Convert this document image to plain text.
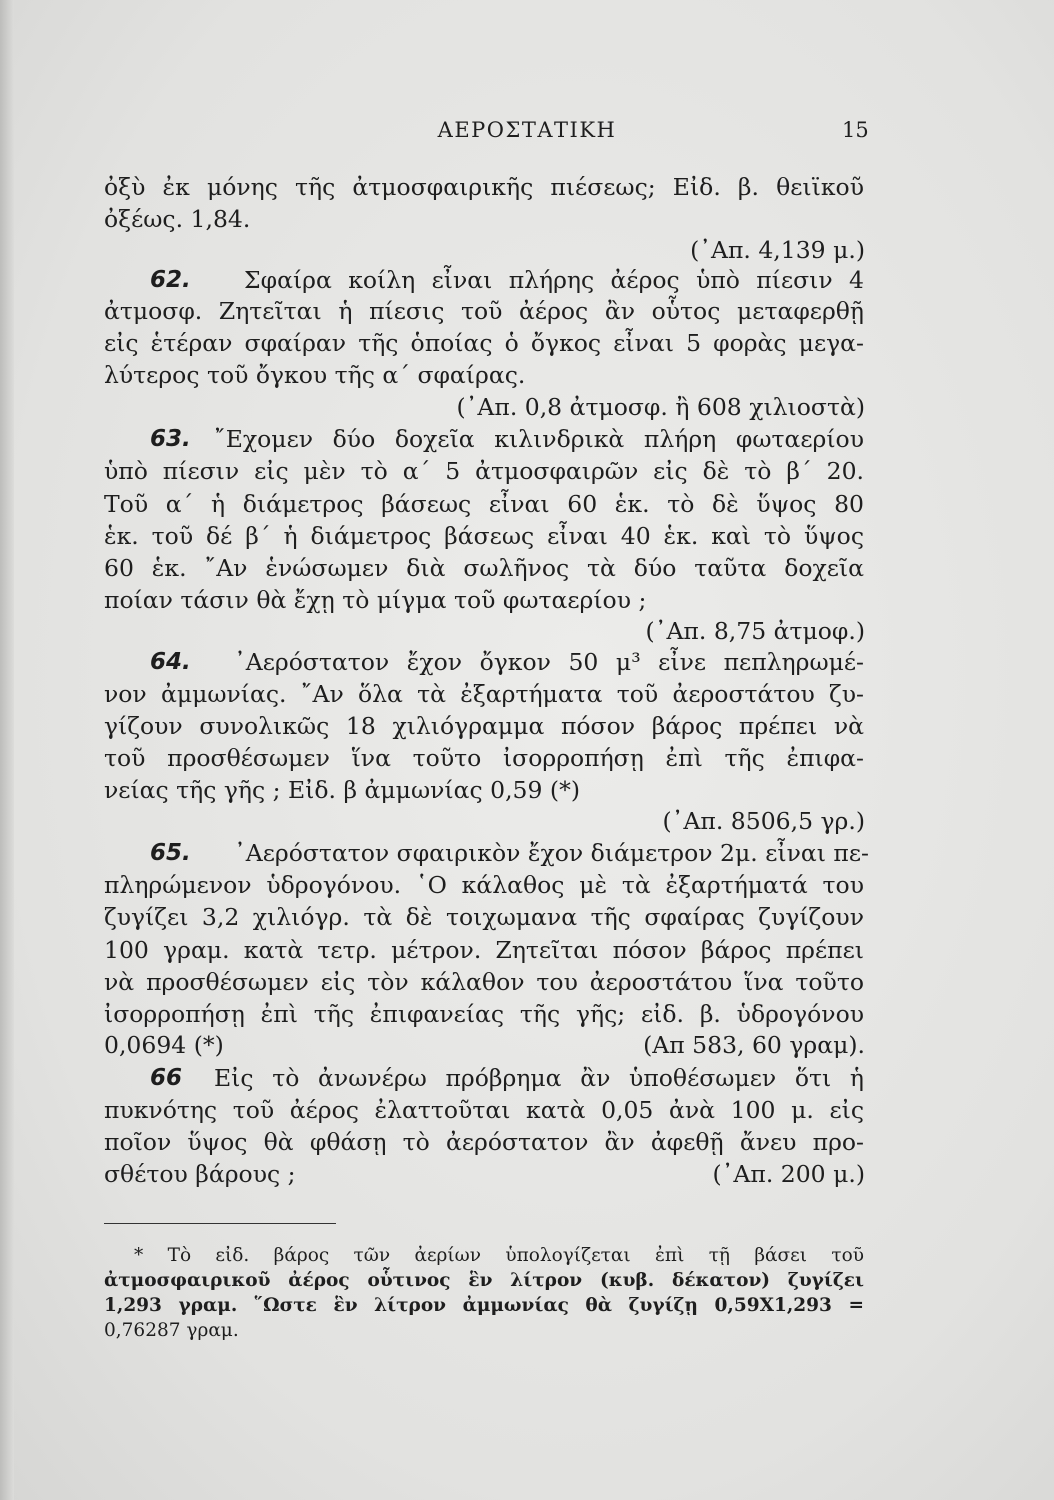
ΑΕΡΟΣΤΑΤΙΚΗ	15
ὀξὺ ἐκ μόνης τῆς ἀτμοσφαιρικῆς πιέσεως; Εἰδ. β. θειϊκοῦ
ὀξέως. 1,84.
(᾿Απ. 4,139 μ.)
62. Σφαίρα κοίλη εἶναι πλήρης ἀέρος ὑπὸ πίεσιν 4
ἀτμοσφ. Ζητεῖται ἡ πίεσις τοῦ ἀέρος ἂν οὗτος μεταφερθῇ
εἰς ἑτέραν σφαίραν τῆς ὁποίας ὁ ὄγκος εἶναι 5 φορὰς μεγα-
λύτερος τοῦ ὄγκου τῆς α΄ σφαίρας.
(᾿Απ. 0,8 ἀτμοσφ. ἢ 608 χιλιοστὰ)
63. ῎Εχομεν δύο δοχεῖα κιλινδρικὰ πλήρη φωταερίου
ὑπὸ πίεσιν εἰς μὲν τὸ α΄ 5 ἀτμοσφαιρῶν εἰς δὲ τὸ β΄ 20.
Τοῦ α΄ ἡ διάμετρος βάσεως εἶναι 60 ἑκ. τὸ δὲ ὕψος 80
ἑκ. τοῦ δέ β΄ ἡ διάμετρος βάσεως εἶναι 40 ἑκ. καὶ τὸ ὕψος
60 ἑκ. ῎Αν ἑνώσωμεν διὰ σωλῆνος τὰ δύο ταῦτα δοχεῖα
ποίαν τάσιν θὰ ἔχῃ τὸ μίγμα τοῦ φωταερίου ;
(᾿Απ. 8,75 ἀτμοφ.)
64. ᾿Αερόστατον ἔχον ὄγκον 50 μ³ εἶνε πεπληρωμέ-
νον ἀμμωνίας. ῎Αν ὅλα τὰ ἐξαρτήματα τοῦ ἀεροστάτου ζυ-
γίζουν συνολικῶς 18 χιλιόγραμμα πόσον βάρος πρέπει νὰ
τοῦ προσθέσωμεν ἵνα τοῦτο ἰσορροπήσῃ ἐπὶ τῆς ἐπιφα-
νείας τῆς γῆς ; Εἰδ. β ἀμμωνίας 0,59 (*)
(᾿Απ. 8506,5 γρ.)
65. ᾿Αερόστατον σφαιρικὸν ἔχον διάμετρον 2μ. εἶναι πε-
πληρώμενον ὑδρογόνου. ῾Ο κάλαθος μὲ τὰ ἐξαρτήματά του
ζυγίζει 3,2 χιλιόγρ. τὰ δὲ τοιχωμανα τῆς σφαίρας ζυγίζουν
100 γραμ. κατὰ τετρ. μέτρον. Ζητεῖται πόσον βάρος πρέπει
νὰ προσθέσωμεν εἰς τὸν κάλαθον του ἀεροστάτου ἵνα τοῦτο
ἰσορροπήσῃ ἐπὶ τῆς ἐπιφανείας τῆς γῆς; εἰδ. β. ὑδρογόνου
0,0694 (*)	(Απ 583, 60 γραμ).
66 Εἰς τὸ ἀνωνέρω πρόβρημα ἂν ὑποθέσωμεν ὅτι ἡ
πυκνότης τοῦ ἀέρος ἐλαττοῦται κατὰ 0,05 ἀνὰ 100 μ. εἰς
ποῖον ὕψος θὰ φθάσῃ τὸ ἀερόστατον ἂν ἀφεθῇ ἄνευ προ-
σθέτου βάρους ;	(᾿Απ. 200 μ.)
* Τὸ εἰδ. βάρος τῶν ἀερίων ὑπολογίζεται ἐπὶ τῇ βάσει τοῦ
ἀτμοσφαιρικοῦ ἀέρος οὗτινος ἓν λίτρον (κυβ. δέκατον) ζυγίζει
1,293 γραμ. ῞Ωστε ἓν λίτρον ἀμμωνίας θὰ ζυγίζῃ 0,59X1,293 =
0,76287 γραμ.
